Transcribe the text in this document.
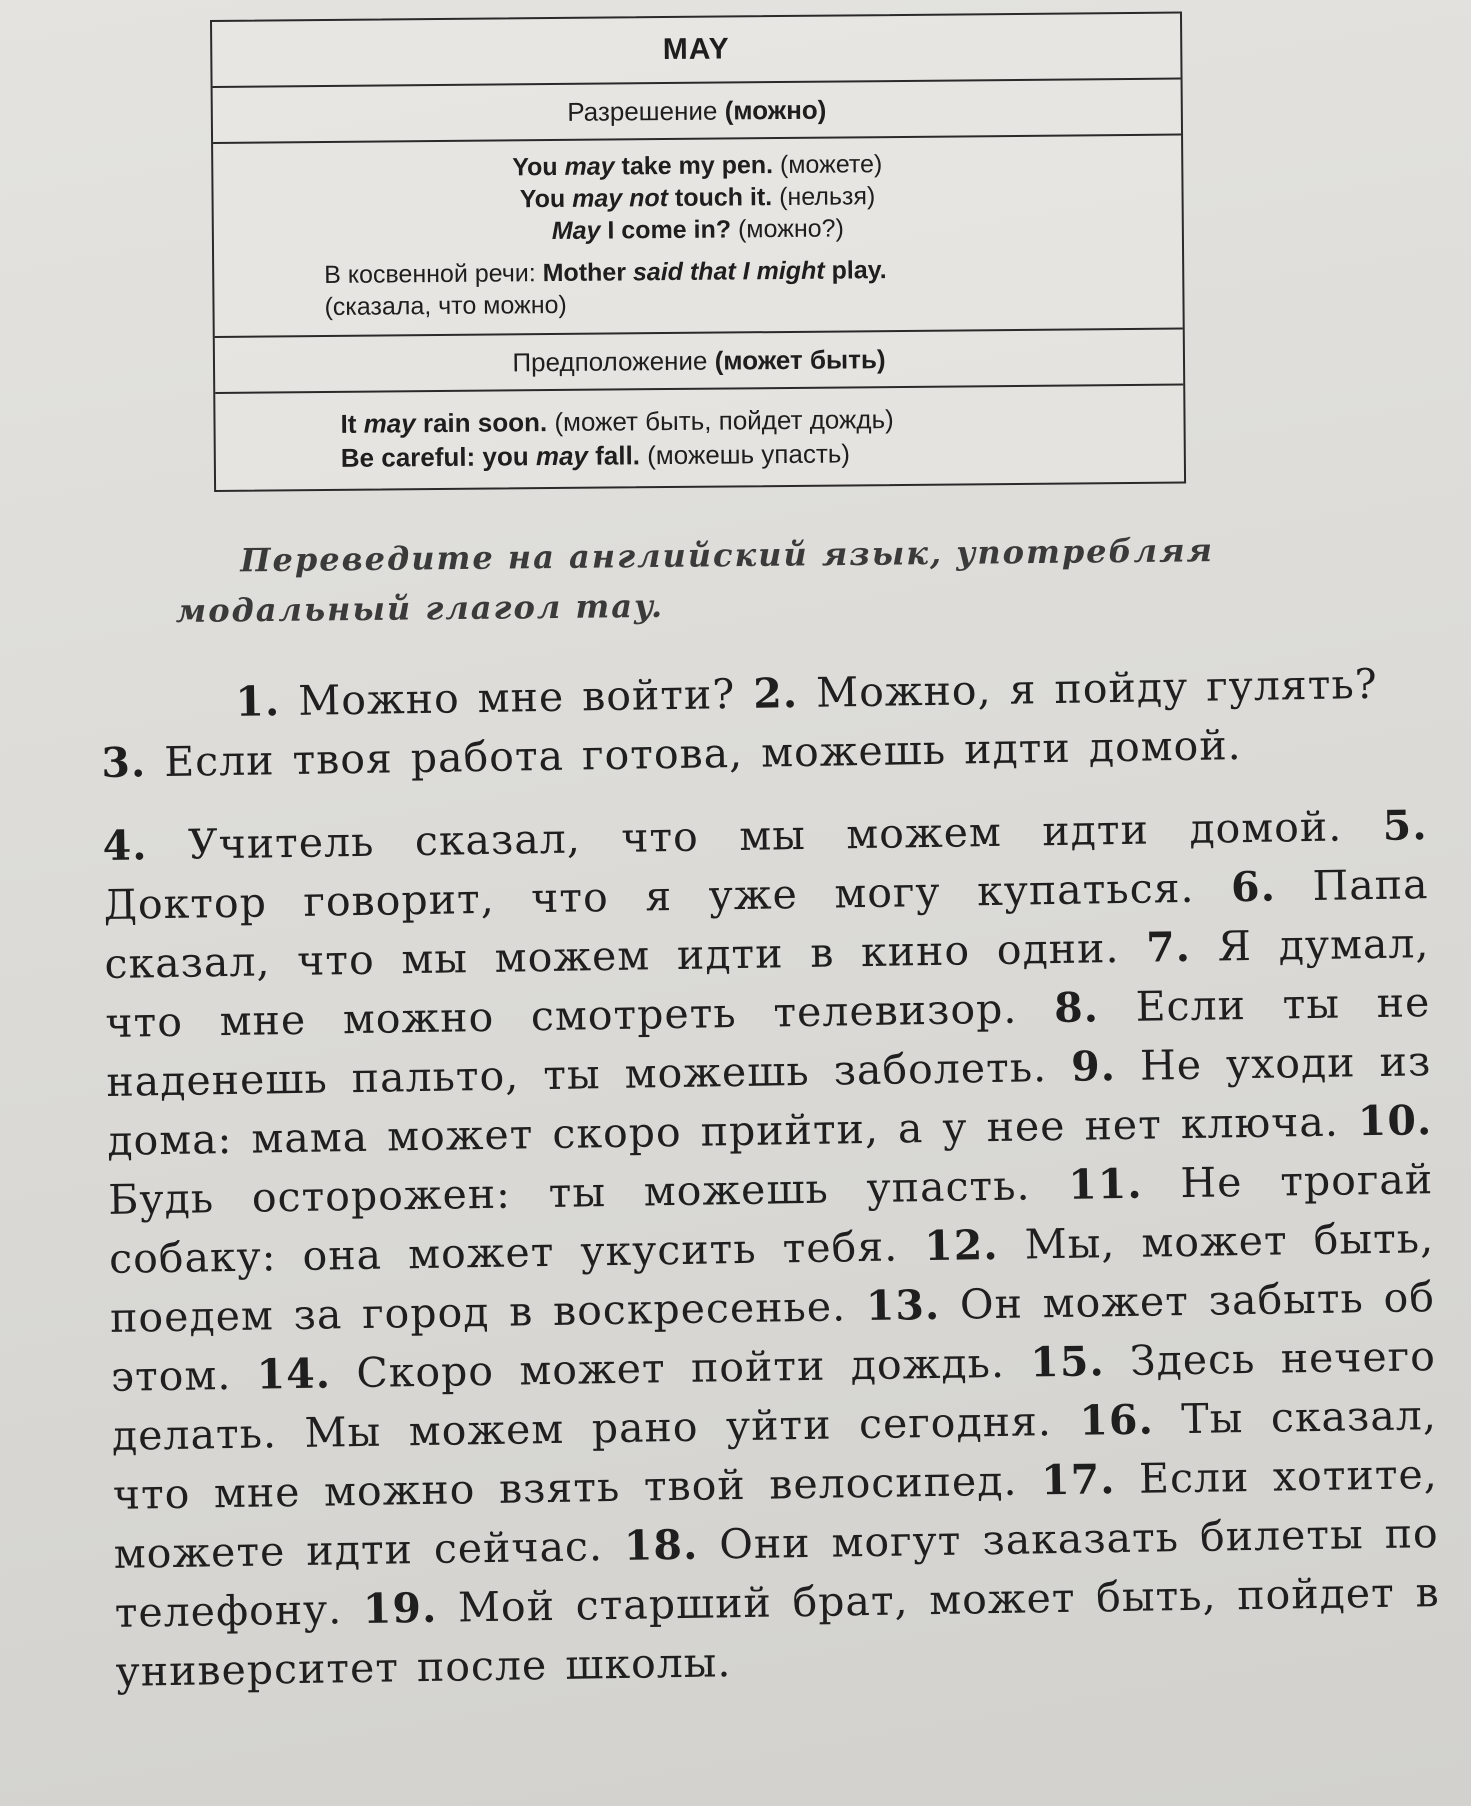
MAY
Разрешение (можно)
You may take my pen. (можете)
You may not touch it. (нельзя)
May I come in? (можно?)
В косвенной речи: Mother said that I might play.
(сказала, что можно)
Предположение (может быть)
It may rain soon. (может быть, пойдет дождь)
Be careful: you may fall. (можешь упасть)
Переведите на английский язык, употребляя модальный глагол may.

1. Можно мне войти? 2. Можно, я пойду гулять? 3. Если твоя работа готова, можешь идти домой.

4. Учитель сказал, что мы можем идти домой. 5. Доктор говорит, что я уже могу купаться. 6. Папа сказал, что мы можем идти в кино одни. 7. Я думал, что мне можно смотреть телевизор. 8. Если ты не наденешь пальто, ты можешь заболеть. 9. Не уходи из дома: мама может скоро прийти, а у нее нет ключа. 10. Будь осторожен: ты можешь упасть. 11. Не трогай собаку: она может укусить тебя. 12. Мы, может быть, поедем за город в воскресенье. 13. Он может забыть об этом. 14. Скоро может пойти дождь. 15. Здесь нечего делать. Мы можем рано уйти сегодня. 16. Ты сказал, что мне можно взять твой велосипед. 17. Если хотите, можете идти сейчас. 18. Они могут заказать билеты по телефону. 19. Мой старший брат, может быть, пойдет в университет после школы.
